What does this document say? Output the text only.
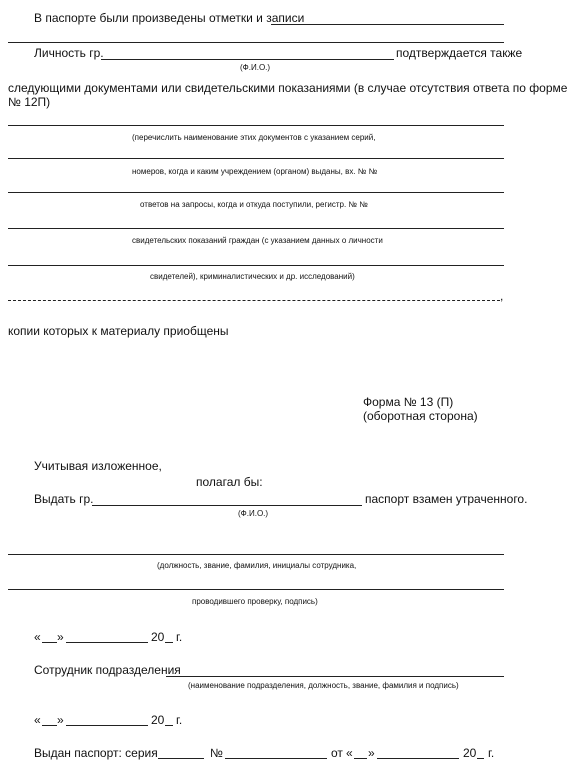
В паспорте были произведены отметки и записи
Личность гр.	подтверждается также
(Ф.И.О.)
следующими документами или свидетельскими показаниями (в случае отсутствия ответа по форме
№ 12П)
(перечислить наименование этих документов с указанием серий,
номеров, когда и каким учреждением (органом) выданы, вх. № №
ответов на запросы, когда и откуда поступили, регистр. № №
свидетельских показаний граждан (с указанием данных о личности
свидетелей), криминалистических и др. исследований)
,
копии которых к материалу приобщены
Форма № 13 (П)
(оборотная сторона)
Учитывая изложенное,
полагал бы:
Выдать гр.	паспорт взамен утраченного.
(Ф.И.О.)
(должность, звание, фамилия, инициалы сотрудника,
проводившего проверку, подпись)
« »	20 г.
Сотрудник подразделения
(наименование подразделения, должность, звание, фамилия и подпись)
« »	20 г.
Выдан паспорт: серия	№	от « »	20 г.
